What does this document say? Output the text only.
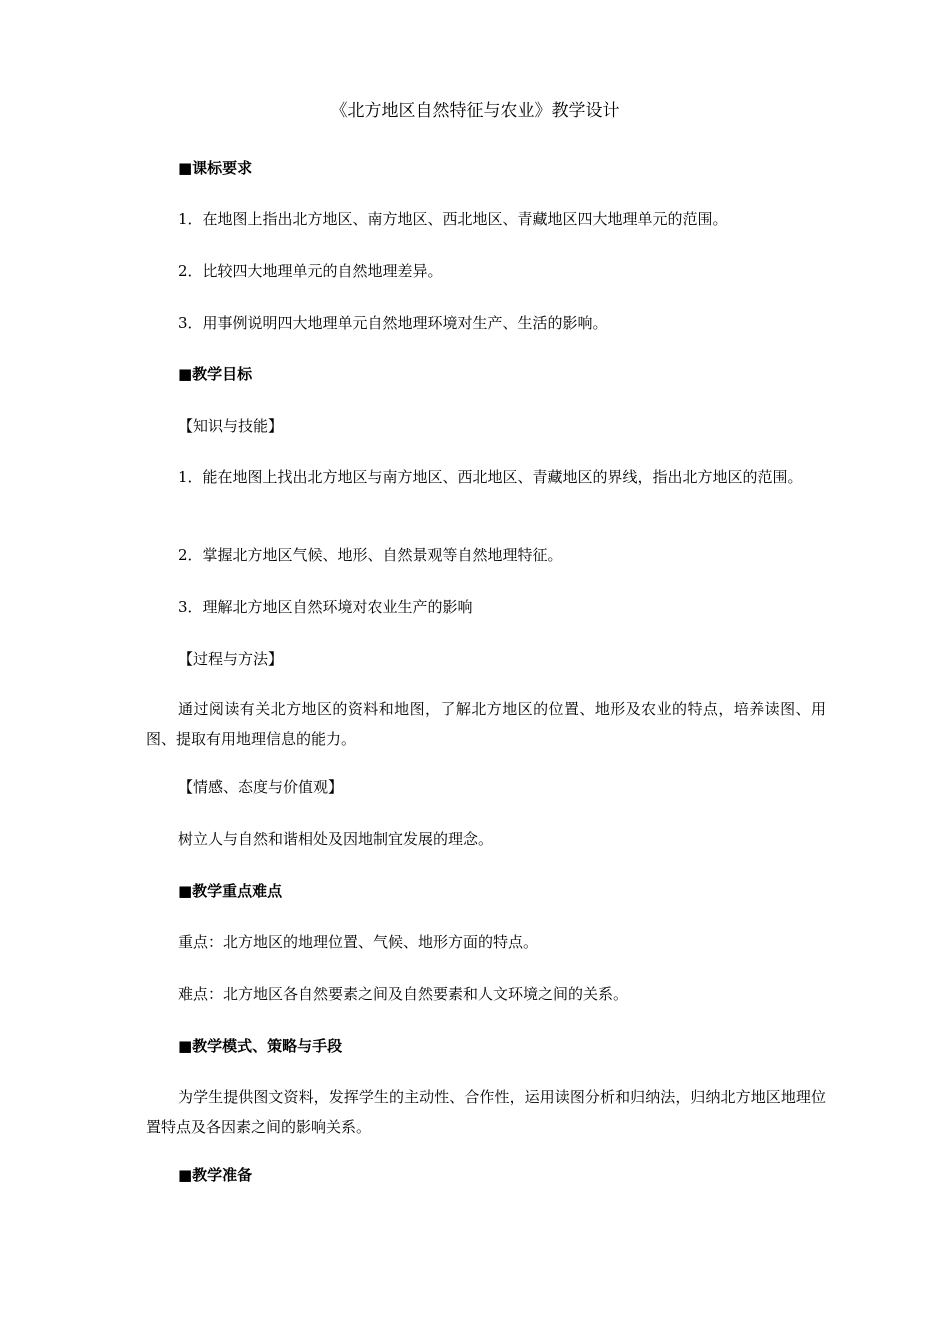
《北方地区自然特征与农业》教学设计
■课标要求
1．在地图上指出北方地区、南方地区、西北地区、青藏地区四大地理单元的范围。
2．比较四大地理单元的自然地理差异。
3．用事例说明四大地理单元自然地理环境对生产、生活的影响。
■教学目标
【知识与技能】
1．能在地图上找出北方地区与南方地区、西北地区、青藏地区的界线，指出北方地区的范围。
2．掌握北方地区气候、地形、自然景观等自然地理特征。
3．理解北方地区自然环境对农业生产的影响
【过程与方法】
通过阅读有关北方地区的资料和地图，了解北方地区的位置、地形及农业的特点，培养读图、用图、提取有用地理信息的能力。
【情感、态度与价值观】
树立人与自然和谐相处及因地制宜发展的理念。
■教学重点难点
重点：北方地区的地理位置、气候、地形方面的特点。
难点：北方地区各自然要素之间及自然要素和人文环境之间的关系。
■教学模式、策略与手段
为学生提供图文资料，发挥学生的主动性、合作性，运用读图分析和归纳法，归纳北方地区地理位置特点及各因素之间的影响关系。
■教学准备
